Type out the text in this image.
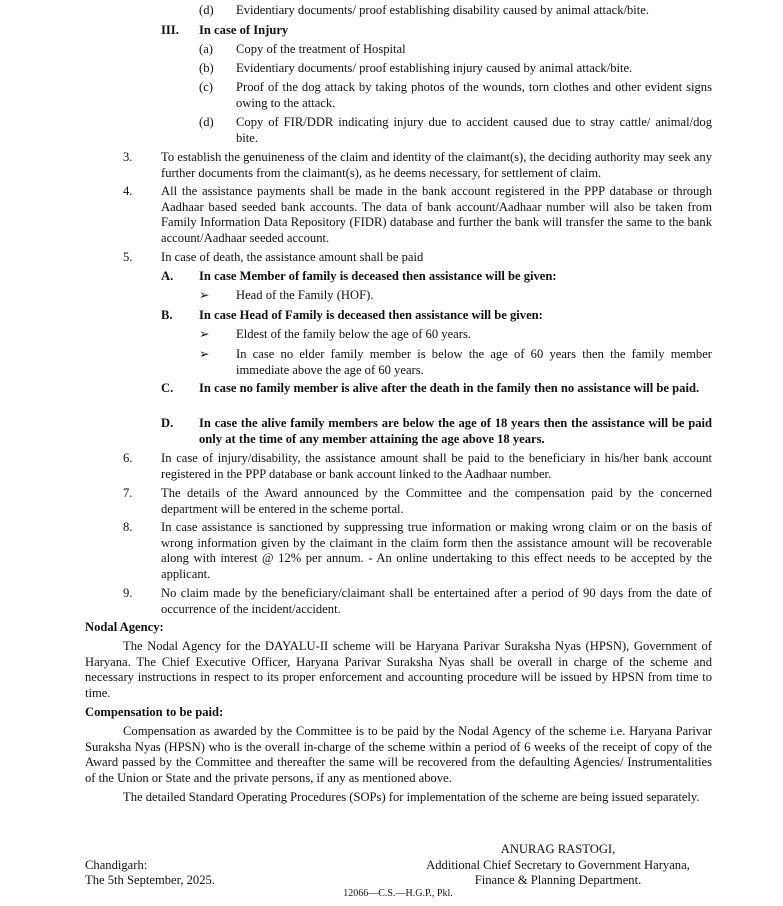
(d) Evidentiary documents/ proof establishing disability caused by animal attack/bite.
III. In case of Injury
(a) Copy of the treatment of Hospital
(b) Evidentiary documents/ proof establishing injury caused by animal attack/bite.
(c) Proof of the dog attack by taking photos of the wounds, torn clothes and other evident signs owing to the attack.
(d) Copy of FIR/DDR indicating injury due to accident caused due to stray cattle/ animal/dog bite.
3. To establish the genuineness of the claim and identity of the claimant(s), the deciding authority may seek any further documents from the claimant(s), as he deems necessary, for settlement of claim.
4. All the assistance payments shall be made in the bank account registered in the PPP database or through Aadhaar based seeded bank accounts. The data of bank account/Aadhaar number will also be taken from Family Information Data Repository (FIDR) database and further the bank will transfer the same to the bank account/Aadhaar seeded account.
5. In case of death, the assistance amount shall be paid
A. In case Member of family is deceased then assistance will be given:
➢ Head of the Family (HOF).
B. In case Head of Family is deceased then assistance will be given:
➢ Eldest of the family below the age of 60 years.
➢ In case no elder family member is below the age of 60 years then the family member immediate above the age of 60 years.
C. In case no family member is alive after the death in the family then no assistance will be paid.
D. In case the alive family members are below the age of 18 years then the assistance will be paid only at the time of any member attaining the age above 18 years.
6. In case of injury/disability, the assistance amount shall be paid to the beneficiary in his/her bank account registered in the PPP database or bank account linked to the Aadhaar number.
7. The details of the Award announced by the Committee and the compensation paid by the concerned department will be entered in the scheme portal.
8. In case assistance is sanctioned by suppressing true information or making wrong claim or on the basis of wrong information given by the claimant in the claim form then the assistance amount will be recoverable along with interest @ 12% per annum. - An online undertaking to this effect needs to be accepted by the applicant.
9. No claim made by the beneficiary/claimant shall be entertained after a period of 90 days from the date of occurrence of the incident/accident.
Nodal Agency:
The Nodal Agency for the DAYALU-II scheme will be Haryana Parivar Suraksha Nyas (HPSN), Government of Haryana. The Chief Executive Officer, Haryana Parivar Suraksha Nyas shall be overall in charge of the scheme and necessary instructions in respect to its proper enforcement and accounting procedure will be issued by HPSN from time to time.
Compensation to be paid:
Compensation as awarded by the Committee is to be paid by the Nodal Agency of the scheme i.e. Haryana Parivar Suraksha Nyas (HPSN) who is the overall in-charge of the scheme within a period of 6 weeks of the receipt of copy of the Award passed by the Committee and thereafter the same will be recovered from the defaulting Agencies/ Instrumentalities of the Union or State and the private persons, if any as mentioned above.
The detailed Standard Operating Procedures (SOPs) for implementation of the scheme are being issued separately.
ANURAG RASTOGI,
Additional Chief Secretary to Government Haryana,
Finance & Planning Department.
Chandigarh:
The 5th September, 2025.
12066—C.S.—H.G.P., Pkl.
